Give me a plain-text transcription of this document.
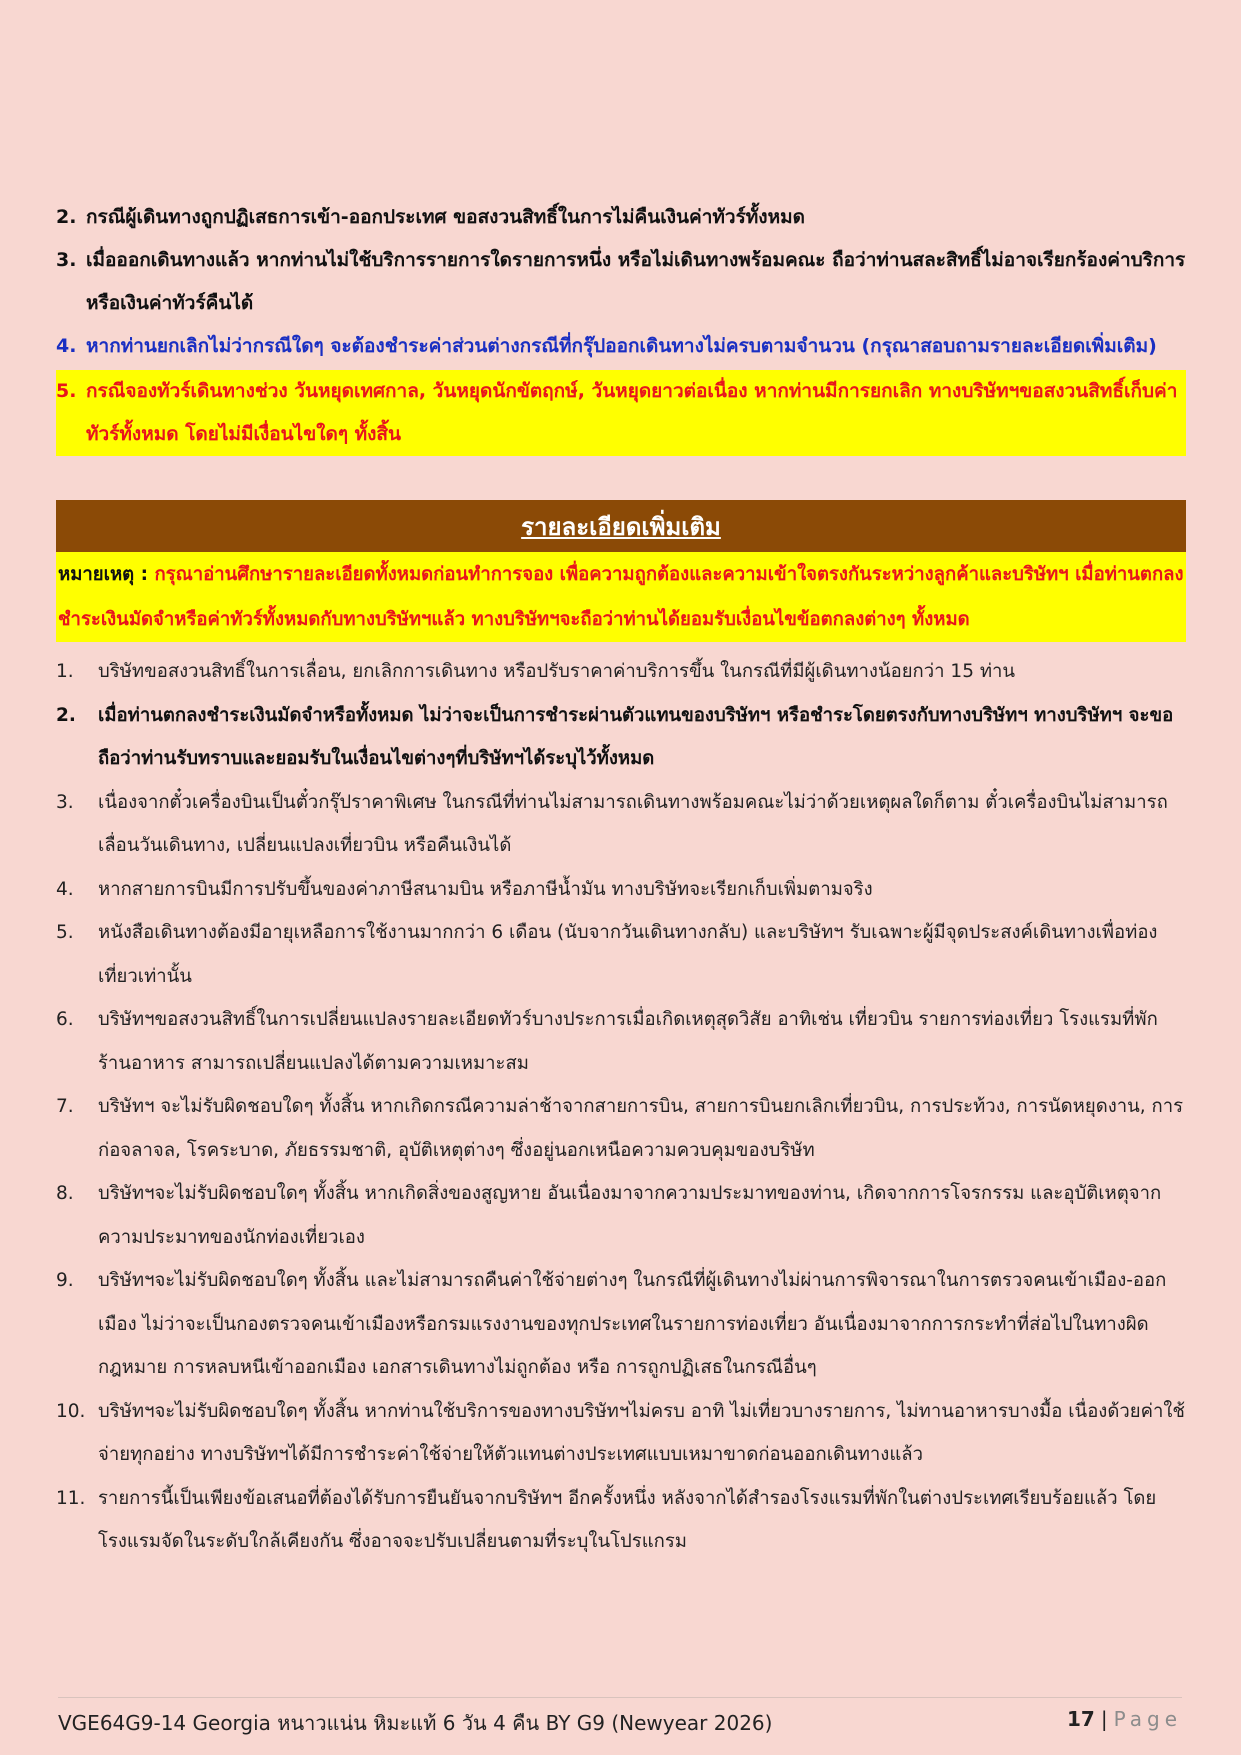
2. กรณีผู้เดินทางถูกปฏิเสธการเข้า-ออกประเทศ ขอสงวนสิทธิ์ในการไม่คืนเงินค่าทัวร์ทั้งหมด
3. เมื่อออกเดินทางแล้ว หากท่านไม่ใช้บริการรายการใดรายการหนึ่ง หรือไม่เดินทางพร้อมคณะ ถือว่าท่านสละสิทธิ์ไม่อาจเรียกร้องค่าบริการหรือเงินค่าทัวร์คืนได้
4. หากท่านยกเลิกไม่ว่ากรณีใดๆ จะต้องชำระค่าส่วนต่างกรณีที่กรุ๊ปออกเดินทางไม่ครบตามจำนวน (กรุณาสอบถามรายละเอียดเพิ่มเติม)
5. กรณีจองทัวร์เดินทางช่วง วันหยุดเทศกาล, วันหยุดนักขัตฤกษ์, วันหยุดยาวต่อเนื่อง หากท่านมีการยกเลิก ทางบริษัทฯขอสงวนสิทธิ์เก็บค่าทัวร์ทั้งหมด โดยไม่มีเงื่อนไขใดๆ ทั้งสิ้น
รายละเอียดเพิ่มเติม
หมายเหตุ : กรุณาอ่านศึกษารายละเอียดทั้งหมดก่อนทำการจอง เพื่อความถูกต้องและความเข้าใจตรงกันระหว่างลูกค้าและบริษัทฯ เมื่อท่านตกลงชำระเงินมัดจำหรือค่าทัวร์ทั้งหมดกับทางบริษัทฯแล้ว ทางบริษัทฯจะถือว่าท่านได้ยอมรับเงื่อนไขข้อตกลงต่างๆ ทั้งหมด
1.	บริษัทขอสงวนสิทธิ์ในการเลื่อน, ยกเลิกการเดินทาง หรือปรับราคาค่าบริการขึ้น ในกรณีที่มีผู้เดินทางน้อยกว่า 15 ท่าน
2.	เมื่อท่านตกลงชำระเงินมัดจำหรือทั้งหมด ไม่ว่าจะเป็นการชำระผ่านตัวแทนของบริษัทฯ หรือชำระโดยตรงกับทางบริษัทฯ ทางบริษัทฯ จะขอถือว่าท่านรับทราบและยอมรับในเงื่อนไขต่างๆที่บริษัทฯได้ระบุไว้ทั้งหมด
3.	เนื่องจากตั๋วเครื่องบินเป็นตั๋วกรุ๊ปราคาพิเศษ ในกรณีที่ท่านไม่สามารถเดินทางพร้อมคณะไม่ว่าด้วยเหตุผลใดก็ตาม ตั๋วเครื่องบินไม่สามารถ เลื่อนวันเดินทาง, เปลี่ยนแปลงเที่ยวบิน หรือคืนเงินได้
4.	หากสายการบินมีการปรับขึ้นของค่าภาษีสนามบิน หรือภาษีน้ำมัน ทางบริษัทจะเรียกเก็บเพิ่มตามจริง
5.	หนังสือเดินทางต้องมีอายุเหลือการใช้งานมากกว่า 6 เดือน (นับจากวันเดินทางกลับ) และบริษัทฯ รับเฉพาะผู้มีจุดประสงค์เดินทางเพื่อท่องเที่ยวเท่านั้น
6.	บริษัทฯขอสงวนสิทธิ์ในการเปลี่ยนแปลงรายละเอียดทัวร์บางประการเมื่อเกิดเหตุสุดวิสัย อาทิเช่น เที่ยวบิน รายการท่องเที่ยว โรงแรมที่พัก ร้านอาหาร สามารถเปลี่ยนแปลงได้ตามความเหมาะสม
7.	บริษัทฯ จะไม่รับผิดชอบใดๆ ทั้งสิ้น หากเกิดกรณีความล่าช้าจากสายการบิน, สายการบินยกเลิกเที่ยวบิน, การประท้วง, การนัดหยุดงาน, การก่อจลาจล, โรคระบาด, ภัยธรรมชาติ, อุบัติเหตุต่างๆ ซึ่งอยู่นอกเหนือความควบคุมของบริษัท
8.	บริษัทฯจะไม่รับผิดชอบใดๆ ทั้งสิ้น หากเกิดสิ่งของสูญหาย อันเนื่องมาจากความประมาทของท่าน, เกิดจากการโจรกรรม และอุบัติเหตุจากความประมาทของนักท่องเที่ยวเอง
9.	บริษัทฯจะไม่รับผิดชอบใดๆ ทั้งสิ้น และไม่สามารถคืนค่าใช้จ่ายต่างๆ ในกรณีที่ผู้เดินทางไม่ผ่านการพิจารณาในการตรวจคนเข้าเมือง-ออกเมือง ไม่ว่าจะเป็นกองตรวจคนเข้าเมืองหรือกรมแรงงานของทุกประเทศในรายการท่องเที่ยว อันเนื่องมาจากการกระทำที่ส่อไปในทางผิดกฎหมาย การหลบหนีเข้าออกเมือง เอกสารเดินทางไม่ถูกต้อง หรือ การถูกปฏิเสธในกรณีอื่นๆ
10. บริษัทฯจะไม่รับผิดชอบใดๆ ทั้งสิ้น หากท่านใช้บริการของทางบริษัทฯไม่ครบ อาทิ ไม่เที่ยวบางรายการ, ไม่ทานอาหารบางมื้อ เนื่องด้วยค่าใช้จ่ายทุกอย่าง ทางบริษัทฯได้มีการชำระค่าใช้จ่ายให้ตัวแทนต่างประเทศแบบเหมาขาดก่อนออกเดินทางแล้ว
11. รายการนี้เป็นเพียงข้อเสนอที่ต้องได้รับการยืนยันจากบริษัทฯ อีกครั้งหนึ่ง หลังจากได้สำรองโรงแรมที่พักในต่างประเทศเรียบร้อยแล้ว โดยโรงแรมจัดในระดับใกล้เคียงกัน ซึ่งอาจจะปรับเปลี่ยนตามที่ระบุในโปรแกรม
VGE64G9-14 Georgia หนาวแน่น หิมะแท้ 6 วัน 4 คืน BY G9 (Newyear 2026)	17 | Page
